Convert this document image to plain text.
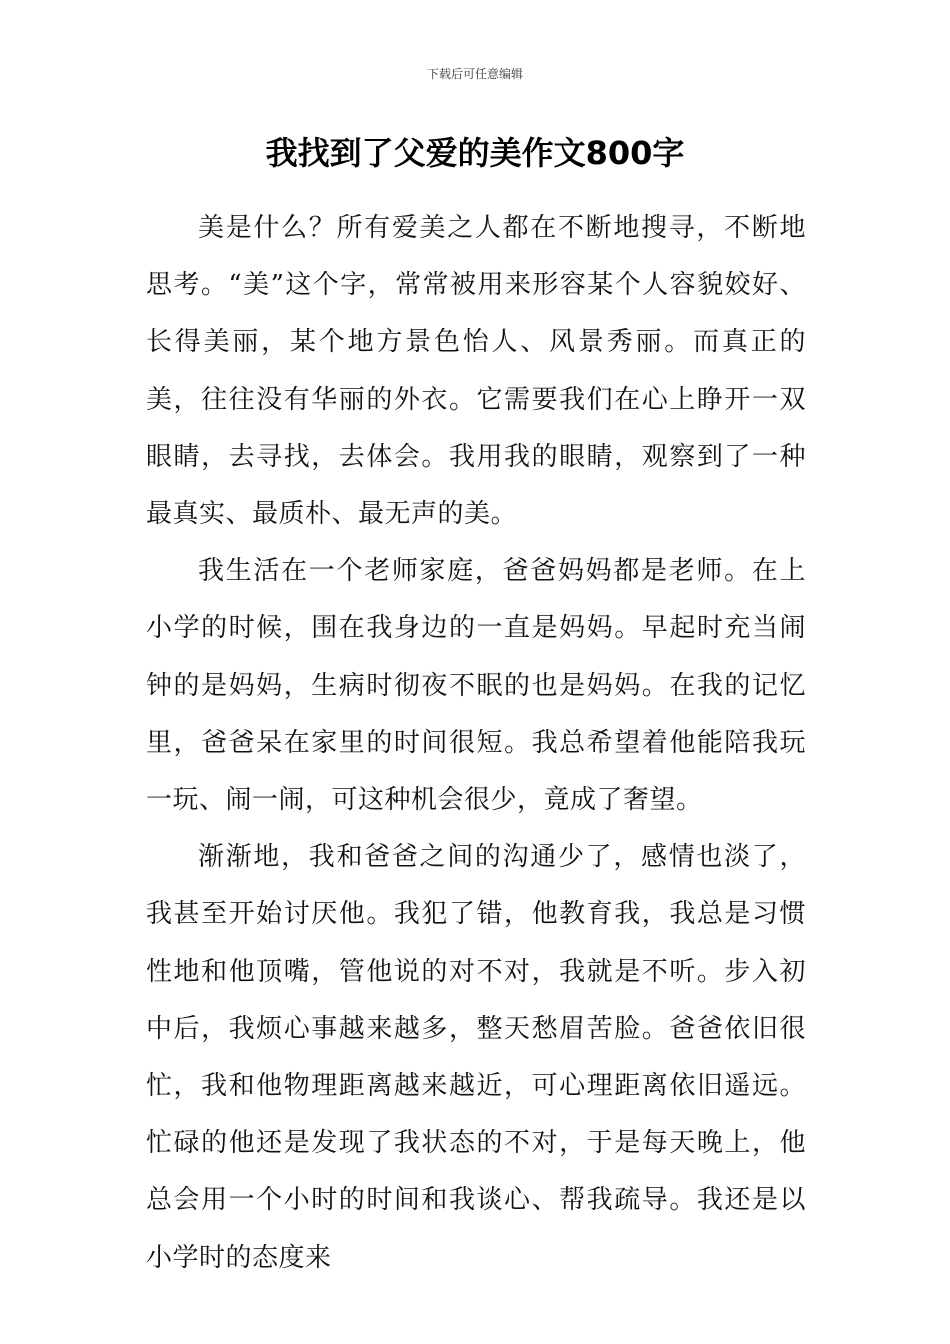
下载后可任意编辑
我找到了父爱的美作文800字

美是什么？所有爱美之人都在不断地搜寻，不断地思考。“美”这个字，常常被用来形容某个人容貌姣好、长得美丽，某个地方景色怡人、风景秀丽。而真正的美，往往没有华丽的外衣。它需要我们在心上睁开一双眼睛，去寻找，去体会。我用我的眼睛，观察到了一种最真实、最质朴、最无声的美。

我生活在一个老师家庭，爸爸妈妈都是老师。在上小学的时候，围在我身边的一直是妈妈。早起时充当闹钟的是妈妈，生病时彻夜不眠的也是妈妈。在我的记忆里，爸爸呆在家里的时间很短。我总希望着他能陪我玩一玩、闹一闹，可这种机会很少，竟成了奢望。

渐渐地，我和爸爸之间的沟通少了，感情也淡了，我甚至开始讨厌他。我犯了错，他教育我，我总是习惯性地和他顶嘴，管他说的对不对，我就是不听。步入初中后，我烦心事越来越多，整天愁眉苦脸。爸爸依旧很忙，我和他物理距离越来越近，可心理距离依旧遥远。忙碌的他还是发现了我状态的不对，于是每天晚上，他总会用一个小时的时间和我谈心、帮我疏导。我还是以小学时的态度来
